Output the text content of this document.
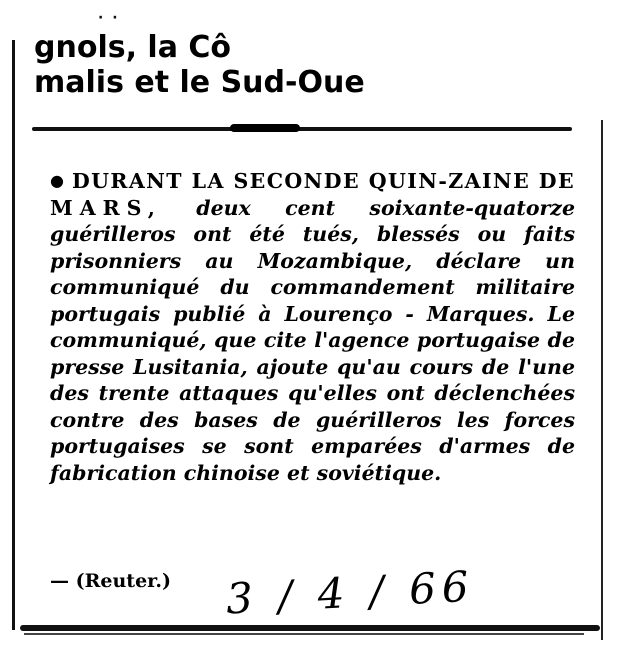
· ·
gnols, la Cô
malis et le Sud-Oue
● DURANT LA SECONDE QUIN-ZAINE DE MARS, deux cent soixante-quatorze guérilleros ont été tués, blessés ou faits prisonniers au Mozambique, déclare un communiqué du commandement militaire portugais publié à Lourenço - Marques. Le communiqué, que cite l'agence portugaise de presse Lusitania, ajoute qu'au cours de l'une des trente attaques qu'elles ont déclenchées contre des bases de guérilleros les forces portugaises se sont emparées d'armes de fabrication chinoise et soviétique.
— (Reuter.) 3 / 4 / 66
